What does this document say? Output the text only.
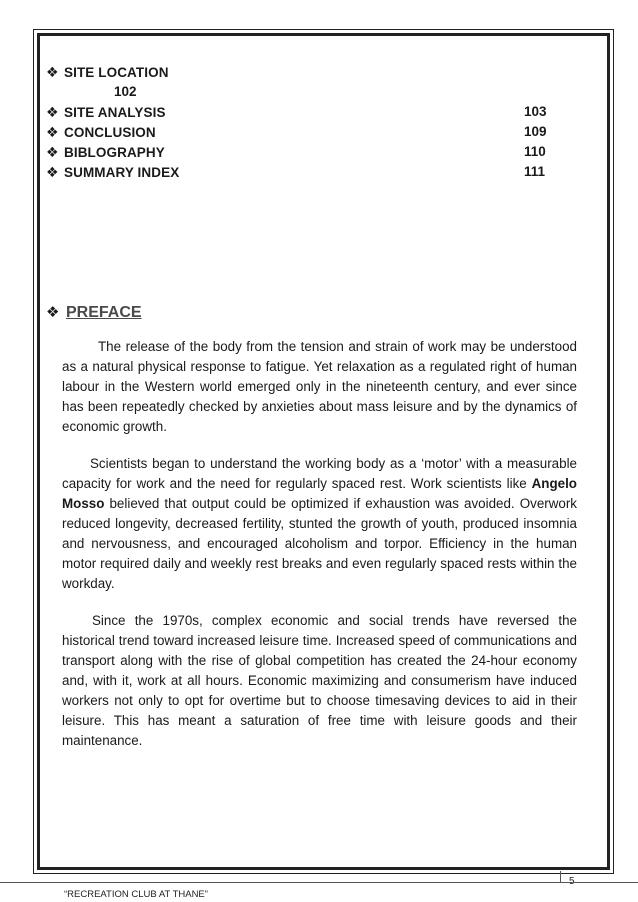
❖ SITE LOCATION
102
❖ SITE ANALYSIS	103
❖ CONCLUSION	109
❖ BIBLOGRAPHY	110
❖ SUMMARY INDEX	111
❖ PREFACE

The release of the body from the tension and strain of work may be understood as a natural physical response to fatigue. Yet relaxation as a regulated right of human labour in the Western world emerged only in the nineteenth century, and ever since has been repeatedly checked by anxieties about mass leisure and by the dynamics of economic growth.

Scientists began to understand the working body as a ‘motor’ with a measurable capacity for work and the need for regularly spaced rest. Work scientists like Angelo Mosso believed that output could be optimized if exhaustion was avoided. Overwork reduced longevity, decreased fertility, stunted the growth of youth, produced insomnia and nervousness, and encouraged alcoholism and torpor. Efficiency in the human motor required daily and weekly rest breaks and even regularly spaced rests within the workday.

Since the 1970s, complex economic and social trends have reversed the historical trend toward increased leisure time. Increased speed of communications and transport along with the rise of global competition has created the 24-hour economy and, with it, work at all hours. Economic maximizing and consumerism have induced workers not only to opt for overtime but to choose timesaving devices to aid in their leisure. This has meant a saturation of free time with leisure goods and their maintenance.

5
“RECREATION CLUB AT THANE”
